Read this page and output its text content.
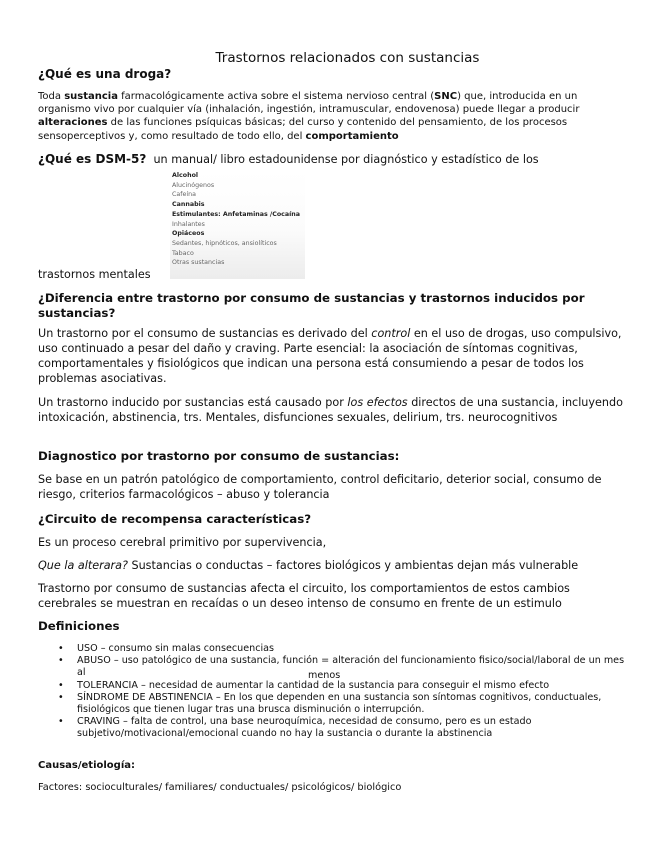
Trastornos relacionados con sustancias
¿Qué es una droga?
Toda sustancia farmacológicamente activa sobre el sistema nervioso central (SNC) que, introducida en un organismo vivo por cualquier vía (inhalación, ingestión, intramuscular, endovenosa) puede llegar a producir alteraciones de las funciones psíquicas básicas; del curso y contenido del pensamiento, de los procesos sensoperceptivos y, como resultado de todo ello, del comportamiento
¿Qué es DSM-5? un manual/ libro estadounidense por diagnóstico y estadístico de los
Alcohol
Alucinógenos
Cafeína
Cannabis
Estimulantes: Anfetaminas /Cocaína
Inhalantes
Opiáceos
Sedantes, hipnóticos, ansiolíticos
Tabaco
Otras sustancias
trastornos mentales
¿Diferencia entre trastorno por consumo de sustancias y trastornos inducidos por sustancias?
Un trastorno por el consumo de sustancias es derivado del control en el uso de drogas, uso compulsivo, uso continuado a pesar del daño y craving. Parte esencial: la asociación de síntomas cognitivas, comportamentales y fisiológicos que indican una persona está consumiendo a pesar de todos los problemas asociativas.
Un trastorno inducido por sustancias está causado por los efectos directos de una sustancia, incluyendo intoxicación, abstinencia, trs. Mentales, disfunciones sexuales, delirium, trs. neurocognitivos
Diagnostico por trastorno por consumo de sustancias:
Se base en un patrón patológico de comportamiento, control deficitario, deterior social, consumo de riesgo, criterios farmacológicos – abuso y tolerancia
¿Circuito de recompensa características?
Es un proceso cerebral primitivo por supervivencia,
Que la alterara? Sustancias o conductas – factores biológicos y ambientas dejan más vulnerable
Trastorno por consumo de sustancias afecta el circuito, los comportamientos de estos cambios cerebrales se muestran en recaídas o un deseo intenso de consumo en frente de un estimulo
Definiciones
• USO – consumo sin malas consecuencias
• ABUSO – uso patológico de una sustancia, función = alteración del funcionamiento fisico/social/laboral de un mes al
• TOLERANCIA – necesidad de aumentar la cantidad de la sustancia para conseguir el mismo efecto
• SÍNDROME DE ABSTINENCIA – En los que dependen en una sustancia son síntomas cognitivos, conductuales, fisiológicos que tienen lugar tras una brusca disminución o interrupción.
• CRAVING – falta de control, una base neuroquímica, necesidad de consumo, pero es un estado subjetivo/motivacional/emocional cuando no hay la sustancia o durante la abstinencia
menos
Causas/etiología:
Factores: socioculturales/ familiares/ conductuales/ psicológicos/ biológico
